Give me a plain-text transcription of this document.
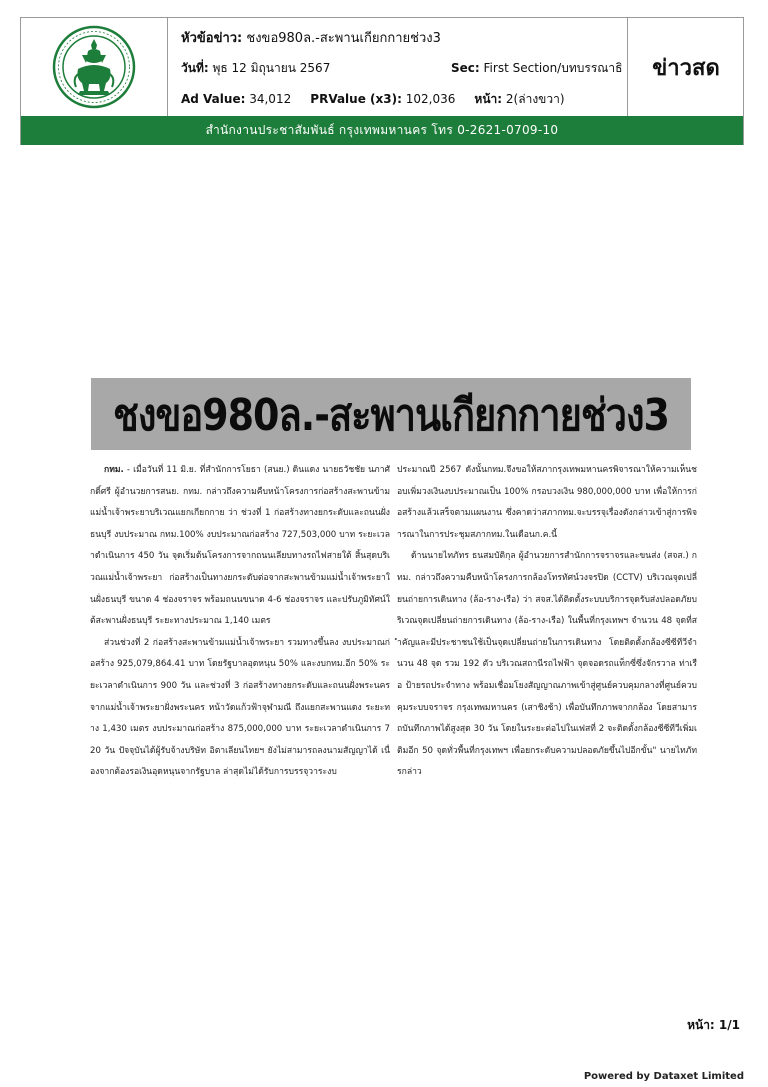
หัวข้อข่าว: ชงขอ980ล.-สะพานเกียกกายช่วง3
วันที่: พุธ 12 มิถุนายน 2567	Sec: First Section/บทบรรณาธิ
Ad Value: 34,012 PRValue (x3): 102,036 หน้า: 2(ล่างขวา)
ข่าวสด
สำนักงานประชาสัมพันธ์ กรุงเทพมหานคร โทร 0-2621-0709-10
ชงขอ980ล.-สะพานเกียกกายช่วง3

กทม. - เมื่อวันที่ 11 มิ.ย. ที่สำนักการโยธา (สนย.) ดินแดง นายธวัชชัย นภาศักดิ์ศรี ผู้อำนวยการสนย. กทม. กล่าวถึงความคืบหน้าโครงการก่อสร้างสะพานข้ามแม่น้ำเจ้าพระยาบริเวณแยกเกียกกาย ว่า ช่วงที่ 1 ก่อสร้างทางยกระดับและถนนฝั่งธนบุรี งบประมาณ กทม.100% งบประมาณก่อสร้าง 727,503,000 บาท ระยะเวลาดำเนินการ 450 วัน จุดเริ่มต้นโครงการจากถนนเลียบทางรถไฟสายใต้ สิ้นสุดบริเวณแม่น้ำเจ้าพระยา ก่อสร้างเป็นทางยกระดับต่อจากสะพานข้ามแม่น้ำเจ้าพระยาในฝั่งธนบุรี ขนาด 4 ช่องจราจร พร้อมถนนขนาด 4-6 ช่องจราจร และปรับภูมิทัศน์ใต้สะพานฝั่งธนบุรี ระยะทางประมาณ 1,140 เมตร

ส่วนช่วงที่ 2 ก่อสร้างสะพานข้ามแม่น้ำเจ้าพระยา รวมทางขึ้นลง งบประมาณก่อสร้าง 925,079,864.41 บาท โดยรัฐบาลอุดหนุน 50% และงบกทม.อีก 50% ระยะเวลาดำเนินการ 900 วัน และช่วงที่ 3 ก่อสร้างทางยกระดับและถนนฝั่งพระนคร จากแม่น้ำเจ้าพระยาฝั่งพระนคร หน้าวัดแก้วฟ้าจุฬามณี ถึงแยกสะพานแดง ระยะทาง 1,430 เมตร งบประมาณก่อสร้าง 875,000,000 บาท ระยะเวลาดำเนินการ 720 วัน ปัจจุบันได้ผู้รับจ้างบริษัท อิตาเลียนไทยฯ ยังไม่สามารถลงนามสัญญาได้ เนื่องจากต้องรอเงินอุดหนุนจากรัฐบาล ล่าสุดไม่ได้รับการบรรจุวาระงบ

ประมาณปี 2567 ดังนั้นกทม.จึงขอให้สภากรุงเทพมหานครพิจารณาให้ความเห็นชอบเพิ่มวงเงินงบประมาณเป็น 100% กรอบวงเงิน 980,000,000 บาท เพื่อให้การก่อสร้างแล้วเสร็จตามแผนงาน ซึ่งคาดว่าสภากทม.จะบรรจุเรื่องดังกล่าวเข้าสู่การพิจารณาในการประชุมสภากทม.ในเดือนก.ค.นี้

ด้านนายไทภัทร ธนสมบัติกุล ผู้อำนวยการสำนักการจราจรและขนส่ง (สจส.) กทม. กล่าวถึงความคืบหน้าโครงการกล้องโทรทัศน์วงจรปิด (CCTV) บริเวณจุดเปลี่ยนถ่ายการเดินทาง (ล้อ-ราง-เรือ) ว่า สจส.ได้ติดตั้งระบบบริการจุดรับส่งปลอดภัยบริเวณจุดเปลี่ยนถ่ายการเดินทาง (ล้อ-ราง-เรือ) ในพื้นที่กรุงเทพฯ จำนวน 48 จุดที่สำคัญและมีประชาชนใช้เป็นจุดเปลี่ยนถ่ายในการเดินทาง โดยติดตั้งกล้องซีซีทีวีจำนวน 48 จุด รวม 192 ตัว บริเวณสถานีรถไฟฟ้า จุดจอดรถแท็กซี่ซึ่งจักรวาล ท่าเรือ ป้ายรถประจำทาง พร้อมเชื่อมโยงสัญญาณภาพเข้าสู่ศูนย์ควบคุมกลางที่ศูนย์ควบคุมระบบจราจร กรุงเทพมหานคร (เสาชิงช้า) เพื่อบันทึกภาพจากกล้อง โดยสามารถบันทึกภาพได้สูงสุด 30 วัน โดยในระยะต่อไปในเฟสที่ 2 จะติดตั้งกล้องซีซีทีวีเพิ่มเติมอีก 50 จุดทั่วพื้นที่กรุงเทพฯ เพื่อยกระดับความปลอดภัยขึ้นไปอีกขั้น" นายไทภัทรกล่าว

หน้า: 1/1
Powered by Dataxet Limited
